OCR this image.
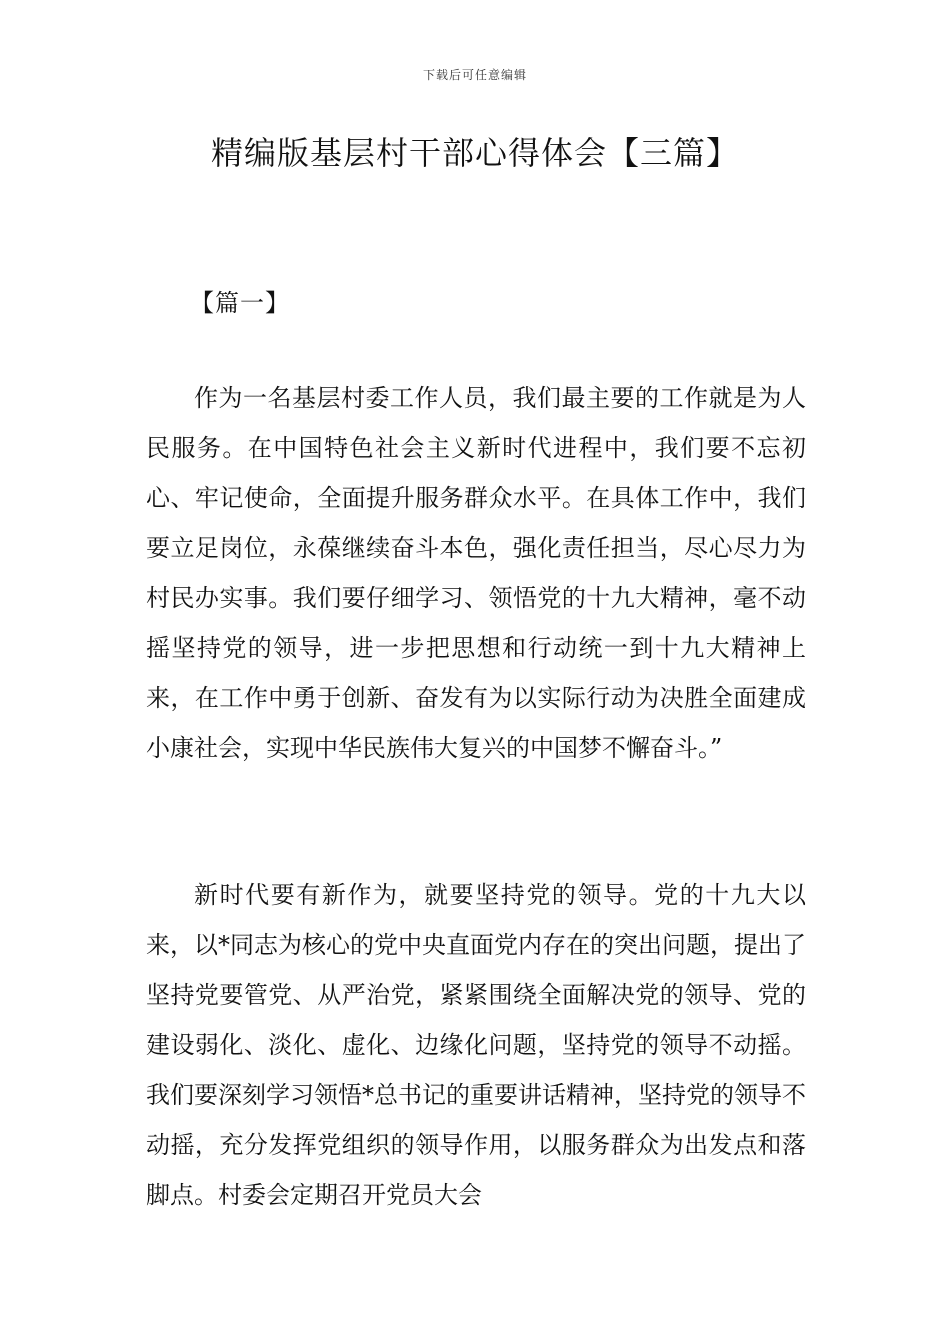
下载后可任意编辑
精编版基层村干部心得体会【三篇】
【篇一】

作为一名基层村委工作人员，我们最主要的工作就是为人民服务。在中国特色社会主义新时代进程中，我们要不忘初心、牢记使命，全面提升服务群众水平。在具体工作中，我们要立足岗位，永葆继续奋斗本色，强化责任担当，尽心尽力为村民办实事。我们要仔细学习、领悟党的十九大精神，毫不动摇坚持党的领导，进一步把思想和行动统一到十九大精神上来，在工作中勇于创新、奋发有为以实际行动为决胜全面建成小康社会，实现中华民族伟大复兴的中国梦不懈奋斗。”

新时代要有新作为，就要坚持党的领导。党的十九大以来，以*同志为核心的党中央直面党内存在的突出问题，提出了坚持党要管党、从严治党，紧紧围绕全面解决党的领导、党的建设弱化、淡化、虚化、边缘化问题，坚持党的领导不动摇。我们要深刻学习领悟*总书记的重要讲话精神，坚持党的领导不动摇，充分发挥党组织的领导作用，以服务群众为出发点和落脚点。村委会定期召开党员大会
